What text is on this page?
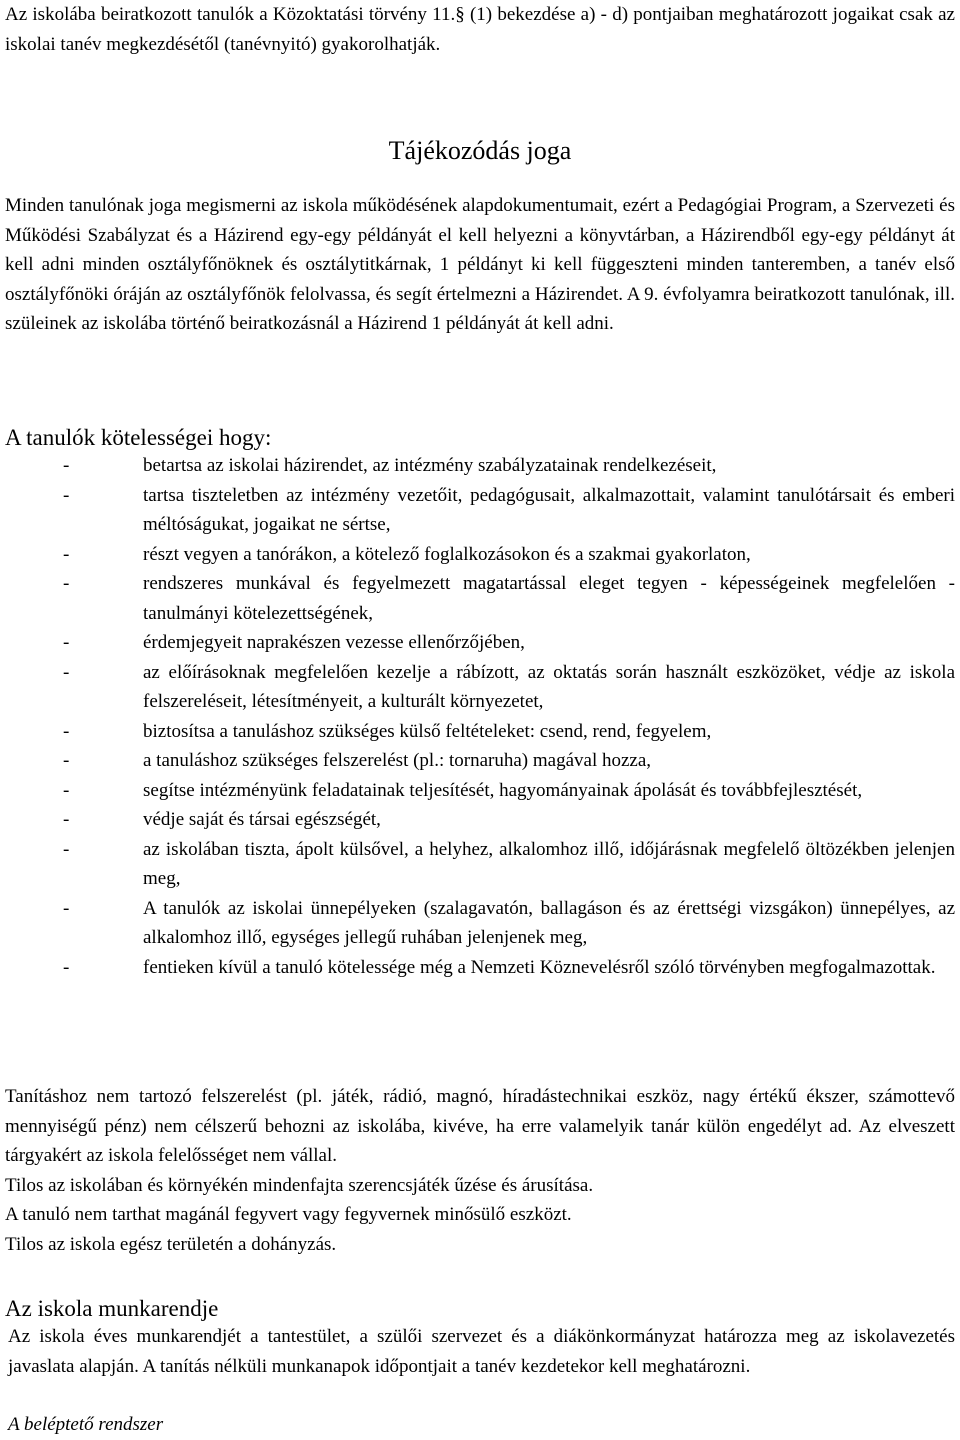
Az iskolába beiratkozott tanulók a Közoktatási törvény 11.§ (1) bekezdése a) - d) pontjaiban meghatározott jogaikat csak az iskolai tanév megkezdésétől (tanévnyitó) gyakorolhatják.

Tájékozódás joga

Minden tanulónak joga megismerni az iskola működésének alapdokumentumait, ezért a Pedagógiai Program, a Szervezeti és Működési Szabályzat és a Házirend egy-egy példányát el kell helyezni a könyvtárban, a Házirendből egy-egy példányt át kell adni minden osztályfőnöknek és osztálytitkárnak, 1 példányt ki kell függeszteni minden tanteremben, a tanév első osztályfőnöki óráján az osztályfőnök felolvassa, és segít értelmezni a Házirendet. A 9. évfolyamra beiratkozott tanulónak, ill. szüleinek az iskolába történő beiratkozásnál a Házirend 1 példányát át kell adni.

A tanulók kötelességei hogy:
-	betartsa az iskolai házirendet, az intézmény szabályzatainak rendelkezéseit,
-	tartsa tiszteletben az intézmény vezetőit, pedagógusait, alkalmazottait, valamint tanulótársait és emberi méltóságukat, jogaikat ne sértse,
-	részt vegyen a tanórákon, a kötelező foglalkozásokon és a szakmai gyakorlaton,
-	rendszeres munkával és fegyelmezett magatartással eleget tegyen - képességeinek megfelelően - tanulmányi kötelezettségének,
-	érdemjegyeit naprakészen vezesse ellenőrzőjében,
-	az előírásoknak megfelelően kezelje a rábízott, az oktatás során használt eszközöket, védje az iskola felszereléseit, létesítményeit, a kulturált környezetet,
-	biztosítsa a tanuláshoz szükséges külső feltételeket: csend, rend, fegyelem,
-	a tanuláshoz szükséges felszerelést (pl.: tornaruha) magával hozza,
-	segítse intézményünk feladatainak teljesítését, hagyományainak ápolását és továbbfejlesztését,
-	védje saját és társai egészségét,
-	az iskolában tiszta, ápolt külsővel, a helyhez, alkalomhoz illő, időjárásnak megfelelő öltözékben jelenjen meg,
-	A tanulók az iskolai ünnepélyeken (szalagavatón, ballagáson és az érettségi vizsgákon) ünnepélyes, az alkalomhoz illő, egységes jellegű ruhában jelenjenek meg,
-	fentieken kívül a tanuló kötelessége még a Nemzeti Köznevelésről szóló törvényben megfogalmazottak.

Tanításhoz nem tartozó felszerelést (pl. játék, rádió, magnó, híradástechnikai eszköz, nagy értékű ékszer, számottevő mennyiségű pénz) nem célszerű behozni az iskolába, kivéve, ha erre valamelyik tanár külön engedélyt ad. Az elveszett tárgyakért az iskola felelősséget nem vállal.

Tilos az iskolában és környékén mindenfajta szerencsjáték űzése és árusítása.

A tanuló nem tarthat magánál fegyvert vagy fegyvernek minősülő eszközt.

Tilos az iskola egész területén a dohányzás.

Az iskola munkarendje

Az iskola éves munkarendjét a tantestület, a szülői szervezet és a diákönkormányzat határozza meg az iskolavezetés javaslata alapján. A tanítás nélküli munkanapok időpontjait a tanév kezdetekor kell meghatározni.

A beléptető rendszer
